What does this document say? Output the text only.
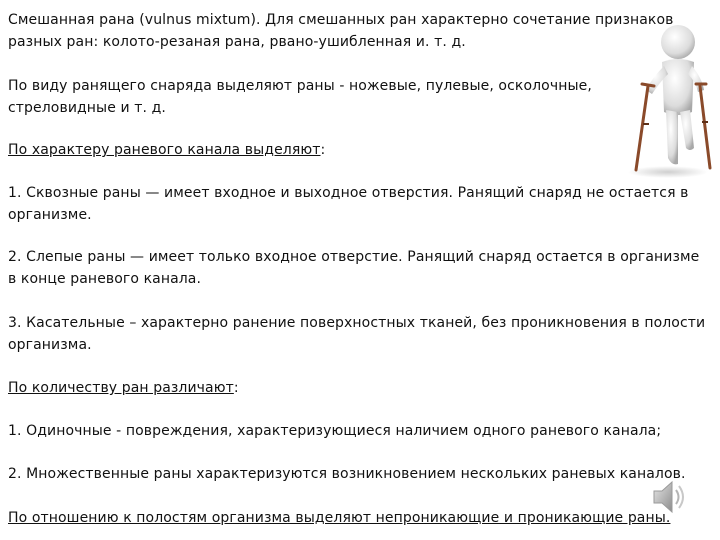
Смешанная рана (vulnus mixtum). Для смешанных ран характерно сочетание признаков
разных ран: колото-резаная рана, рвано-ушибленная и. т. д.

По виду ранящего снаряда выделяют раны - ножевые, пулевые, осколочные,
стреловидные и т. д.

По характеру раневого канала выделяют:

1. Сквозные раны — имеет входное и выходное отверстия. Ранящий снаряд не остается в
организме.

2. Слепые раны — имеет только входное отверстие. Ранящий снаряд остается в организме
в конце раневого канала.

3. Касательные – характерно ранение поверхностных тканей, без проникновения в полости
организма.

По количеству ран различают:

1. Одиночные - повреждения, характеризующиеся наличием одного раневого канала;

2. Множественные раны характеризуются возникновением нескольких раневых каналов.

По отношению к полостям организма выделяют непроникающие и проникающие раны.
